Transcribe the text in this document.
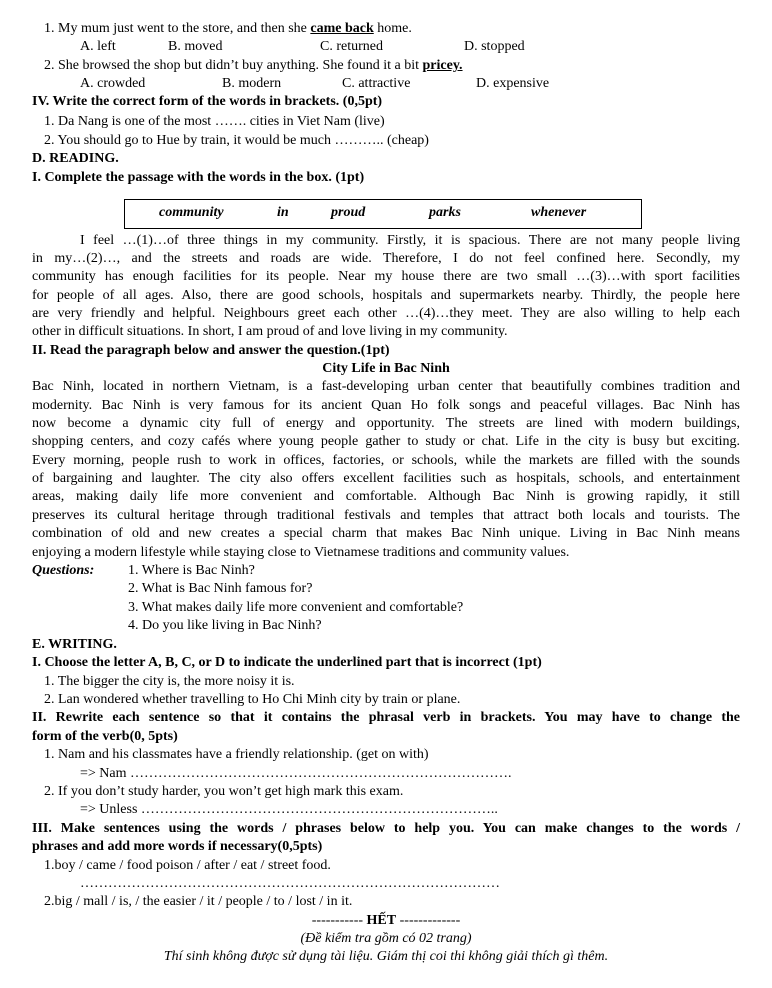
1. My mum just went to the store, and then she came back home.
A. left	B. moved	C. returned	D. stopped
2. She browsed the shop but didn’t buy anything. She found it a bit pricey.
A. crowded	B. modern	C. attractive	D. expensive
IV. Write the correct form of the words in brackets. (0,5pt)
1. Da Nang is one of the most ……. cities in Viet Nam (live)
2. You should go to Hue by train, it would be much ……….. (cheap)
D. READING.
I. Complete the passage with the words in the box. (1pt)
community	in	proud	parks	whenever
I feel …(1)…of three things in my community. Firstly, it is spacious. There are not many people living
in my…(2)…, and the streets and roads are wide. Therefore, I do not feel confined here. Secondly, my
community has enough facilities for its people. Near my house there are two small …(3)…with sport facilities
for people of all ages. Also, there are good schools, hospitals and supermarkets nearby. Thirdly, the people here
are very friendly and helpful. Neighbours greet each other …(4)…they meet. They are also willing to help each
other in difficult situations. In short, I am proud of and love living in my community.
II. Read the paragraph below and answer the question.(1pt)
City Life in Bac Ninh
Bac Ninh, located in northern Vietnam, is a fast-developing urban center that beautifully combines tradition and
modernity. Bac Ninh is very famous for its ancient Quan Ho folk songs and peaceful villages. Bac Ninh has
now become a dynamic city full of energy and opportunity. The streets are lined with modern buildings,
shopping centers, and cozy cafés where young people gather to study or chat. Life in the city is busy but exciting.
Every morning, people rush to work in offices, factories, or schools, while the markets are filled with the sounds
of bargaining and laughter. The city also offers excellent facilities such as hospitals, schools, and entertainment
areas, making daily life more convenient and comfortable. Although Bac Ninh is growing rapidly, it still
preserves its cultural heritage through traditional festivals and temples that attract both locals and tourists. The
combination of old and new creates a special charm that makes Bac Ninh unique. Living in Bac Ninh means
enjoying a modern lifestyle while staying close to Vietnamese traditions and community values.
Questions: 1. Where is Bac Ninh?
2. What is Bac Ninh famous for?
3. What makes daily life more convenient and comfortable?
4. Do you like living in Bac Ninh?
E. WRITING.
I. Choose the letter A, B, C, or D to indicate the underlined part that is incorrect (1pt)
1. The bigger the city is, the more noisy it is.
2. Lan wondered whether travelling to Ho Chi Minh city by train or plane.
II. Rewrite each sentence so that it contains the phrasal verb in brackets. You may have to change the
form of the verb(0, 5pts)
1. Nam and his classmates have a friendly relationship. (get on with)
=> Nam ……………………………………………………………………….
2. If you don’t study harder, you won’t get high mark this exam.
=> Unless …………………………………………………………………..
III. Make sentences using the words / phrases below to help you. You can make changes to the words /
phrases and add more words if necessary(0,5pts)
1.boy / came / food poison / after / eat / street food.
………………………………………………………………………………
2.big / mall / is, / the easier / it / people / to / lost / in it.
----------- HẾT -------------
(Đề kiểm tra gồm có 02 trang)
Thí sinh không được sử dụng tài liệu. Giám thị coi thi không giải thích gì thêm.
